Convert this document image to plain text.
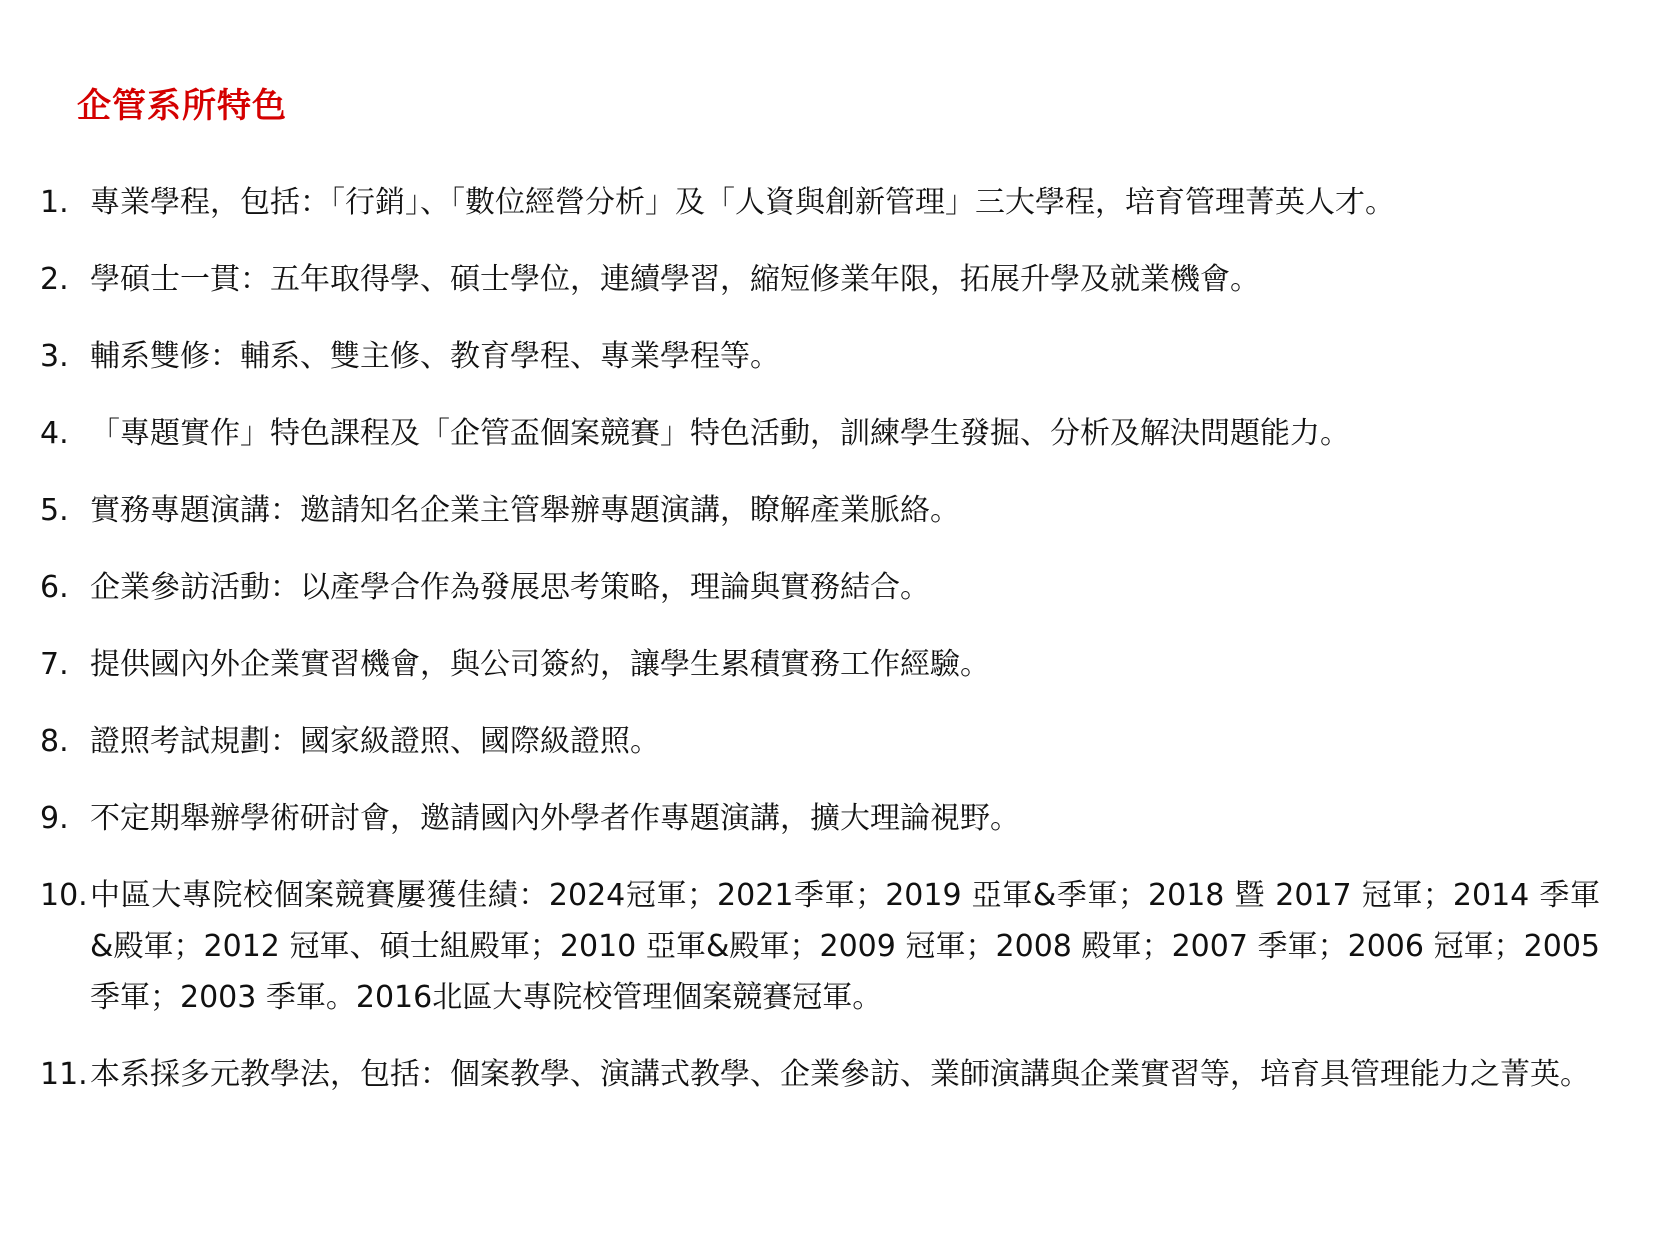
企管系所特色
1. 專業學程，包括：「行銷」、「數位經營分析」及「人資與創新管理」三大學程，培育管理菁英人才。
2. 學碩士一貫：五年取得學、碩士學位，連續學習，縮短修業年限，拓展升學及就業機會。
3. 輔系雙修：輔系、雙主修、教育學程、專業學程等。
4. 「專題實作」特色課程及「企管盃個案競賽」特色活動，訓練學生發掘、分析及解決問題能力。
5. 實務專題演講：邀請知名企業主管舉辦專題演講，瞭解產業脈絡。
6. 企業參訪活動：以產學合作為發展思考策略，理論與實務結合。
7. 提供國內外企業實習機會，與公司簽約，讓學生累積實務工作經驗。
8. 證照考試規劃：國家級證照、國際級證照。
9. 不定期舉辦學術研討會，邀請國內外學者作專題演講，擴大理論視野。
10. 中區大專院校個案競賽屢獲佳績：2024冠軍；2021季軍；2019 亞軍&季軍；2018 暨 2017 冠軍；2014 季軍&殿軍；2012 冠軍、碩士組殿軍；2010 亞軍&殿軍；2009 冠軍；2008 殿軍；2007 季軍；2006 冠軍；2005 季軍；2003 季軍。2016北區大專院校管理個案競賽冠軍。
11. 本系採多元教學法，包括：個案教學、演講式教學、企業參訪、業師演講與企業實習等，培育具管理能力之菁英。
